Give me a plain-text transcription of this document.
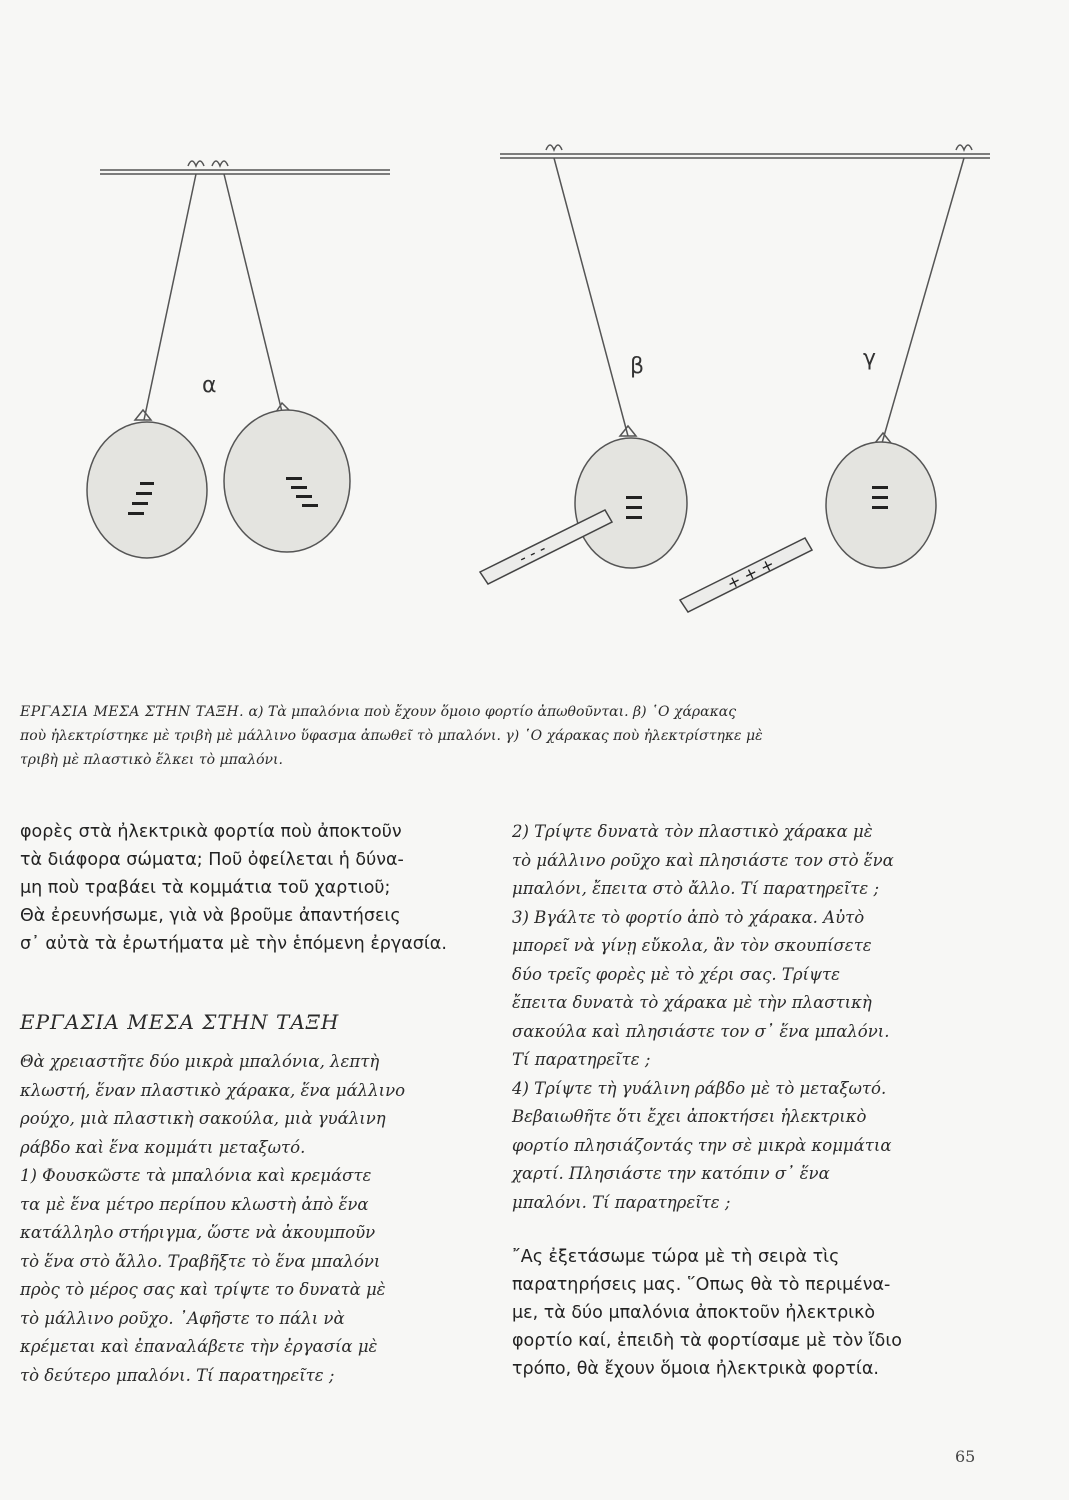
- - -
+ + +
α
β	γ
ΕΡΓΑΣΙΑ ΜΕΣΑ ΣΤΗΝ ΤΑΞΗ. α) Τὰ μπαλόνια ποὺ ἔχουν ὅμοιο φορτίο ἀπωθοῦνται. β) ῾Ο χάρακας
ποὺ ἠλεκτρίστηκε μὲ τριβὴ μὲ μάλλινο ὕφασμα ἀπωθεῖ τὸ μπαλόνι. γ) ῾Ο χάρακας ποὺ ἠλεκτρίστηκε μὲ
τριβὴ μὲ πλαστικὸ ἕλκει τὸ μπαλόνι.

φορὲς στὰ ἠλεκτρικὰ φορτία ποὺ ἀποκτοῦν

τὰ διάφορα σώματα; Ποῦ ὀφείλεται ἡ δύνα-

μη ποὺ τραβάει τὰ κομμάτια τοῦ χαρτιοῦ;

Θὰ ἐρευνήσωμε, γιὰ νὰ βροῦμε ἀπαντήσεις

σ᾿ αὐτὰ τὰ ἐρωτήματα μὲ τὴν ἑπόμενη ἐργασία.

ΕΡΓΑΣΙΑ ΜΕΣΑ ΣΤΗΝ ΤΑΞΗ

Θὰ χρειαστῆτε δύο μικρὰ μπαλόνια, λεπτὴ

κλωστή, ἕναν πλαστικὸ χάρακα, ἕνα μάλλινο

ρούχο, μιὰ πλαστικὴ σακούλα, μιὰ γυάλινη

ράβδο καὶ ἕνα κομμάτι μεταξωτό.

1) Φουσκῶστε τὰ μπαλόνια καὶ κρεμάστε

τα μὲ ἕνα μέτρο περίπου κλωστὴ ἀπὸ ἕνα

κατάλληλο στήριγμα, ὥστε νὰ ἀκουμποῦν

τὸ ἕνα στὸ ἄλλο. Τραβῆξτε τὸ ἕνα μπαλόνι

πρὸς τὸ μέρος σας καὶ τρίψτε το δυνατὰ μὲ

τὸ μάλλινο ροῦχο. ᾿Αφῆστε το πάλι νὰ

κρέμεται καὶ ἐπαναλάβετε τὴν ἐργασία μὲ

τὸ δεύτερο μπαλόνι. Τί παρατηρεῖτε ;

2) Τρίψτε δυνατὰ τὸν πλαστικὸ χάρακα μὲ

τὸ μάλλινο ροῦχο καὶ πλησιάστε τον στὸ ἕνα

μπαλόνι, ἔπειτα στὸ ἄλλο. Τί παρατηρεῖτε ;

3) Βγάλτε τὸ φορτίο ἀπὸ τὸ χάρακα. Αὐτὸ

μπορεῖ νὰ γίνῃ εὔκολα, ἂν τὸν σκουπίσετε

δύο τρεῖς φορὲς μὲ τὸ χέρι σας. Τρίψτε

ἔπειτα δυνατὰ τὸ χάρακα μὲ τὴν πλαστικὴ

σακούλα καὶ πλησιάστε τον σ᾿ ἕνα μπαλόνι.

Τί παρατηρεῖτε ;

4) Τρίψτε τὴ γυάλινη ράβδο μὲ τὸ μεταξωτό.

Βεβαιωθῆτε ὅτι ἔχει ἀποκτήσει ἠλεκτρικὸ

φορτίο πλησιάζοντάς την σὲ μικρὰ κομμάτια

χαρτί. Πλησιάστε την κατόπιν σ᾿ ἕνα

μπαλόνι. Τί παρατηρεῖτε ;

῎Ας ἐξετάσωμε τώρα μὲ τὴ σειρὰ τὶς

παρατηρήσεις μας. ῞Οπως θὰ τὸ περιμένα-

με, τὰ δύο μπαλόνια ἀποκτοῦν ἠλεκτρικὸ

φορτίο καί, ἐπειδὴ τὰ φορτίσαμε μὲ τὸν ἴδιο

τρόπο, θὰ ἔχουν ὅμοια ἠλεκτρικὰ φορτία.

65
